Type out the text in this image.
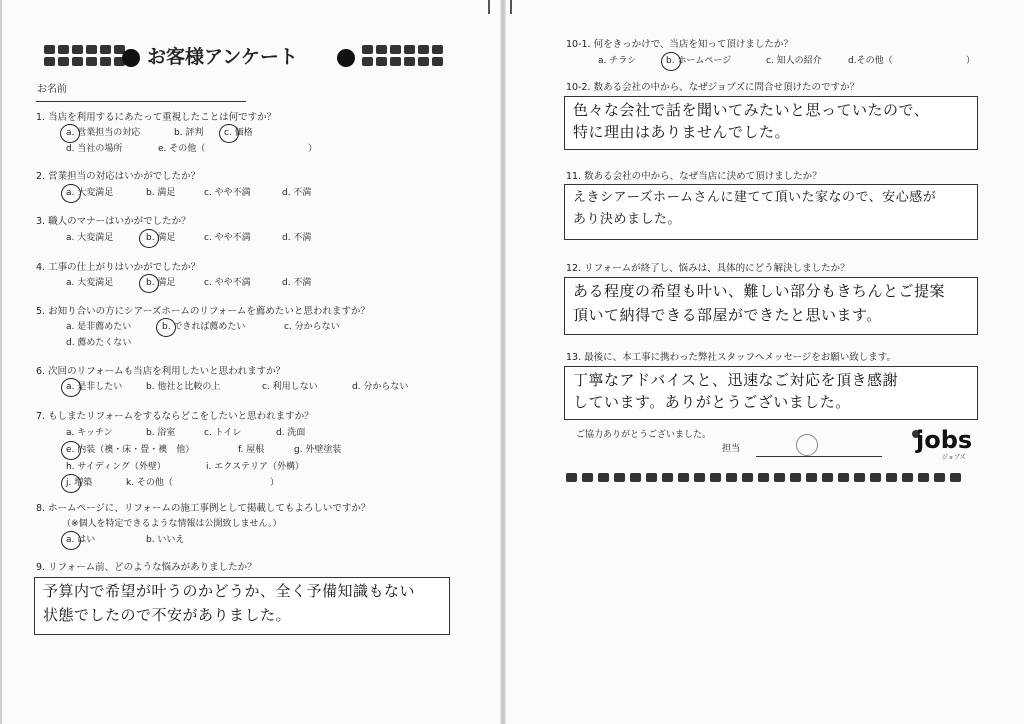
お客様アンケート
お名前
1. 当店を利用するにあたって重視したことは何ですか？
a. 営業担当の対応	b. 評判 c. 価格
d. 当社の場所	e. その他（	）
2. 営業担当の対応はいかがでしたか？
a. 大変満足	b. 満足	c. やや不満	d. 不満
3. 職人のマナーはいかがでしたか？
a. 大変満足	b. 満足	c. やや不満	d. 不満
4. 工事の仕上がりはいかがでしたか？
a. 大変満足	b. 満足	c. やや不満	d. 不満
5. お知り合いの方にシアーズホームのリフォームを薦めたいと思われますか？
a. 是非薦めたい	b. できれば薦めたい	c. 分からない
d. 薦めたくない
6. 次回のリフォームも当店を利用したいと思われますか？
a. 是非したい	b. 他社と比較の上	c. 利用しない	d. 分からない
7. もしまたリフォームをするならどこをしたいと思われますか？
a. キッチン	b. 浴室	c. トイレ	d. 洗面
e. 内装（襖・床・畳・襖　他）	f. 屋根	g. 外壁塗装
h. サイディング（外壁）	i. エクステリア（外構）
j. 増築	k. その他（	）
8. ホームページに、リフォームの施工事例として掲載してもよろしいですか？
（※個人を特定できるような情報は公開致しません。）
a. はい	b. いいえ
9. リフォーム前、どのような悩みがありましたか？
予算内で希望が叶うのかどうか、全く予備知識もない
状態でしたので不安がありました。
10-1. 何をきっかけで、当店を知って頂けましたか？
a. チラシ	b. ホームページ	c. 知人の紹介	d.その他（	）
10-2. 数ある会社の中から、なぜジョブズに問合せ頂けたのですか？
色々な会社で話を聞いてみたいと思っていたので、
特に理由はありませんでした。
11. 数ある会社の中から、なぜ当店に決めて頂けましたか？
えきシアーズホームさんに建てて頂いた家なので、安心感が
あり決めました。
12. リフォームが終了し、悩みは、具体的にどう解決しましたか？
ある程度の希望も叶い、難しい部分もきちんとご提案
頂いて納得できる部屋ができたと思います。
13. 最後に、本工事に携わった弊社スタッフへメッセージをお願い致します。
丁寧なアドバイスと、迅速なご対応を頂き感謝
しています。ありがとうございました。
ご協力ありがとうございました。
担当	jobs
ジョブズ
